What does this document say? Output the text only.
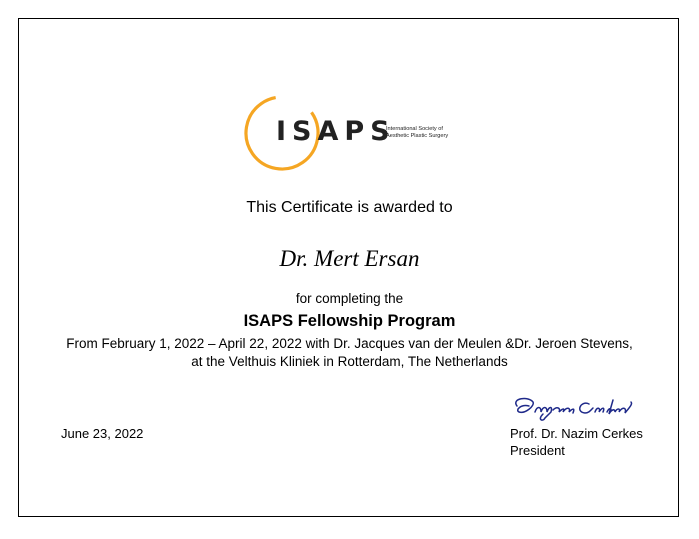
ISAPS
International Society of
Aesthetic Plastic Surgery
This Certificate is awarded to
Dr. Mert Ersan
for completing the
ISAPS Fellowship Program
From February 1, 2022 – April 22, 2022 with Dr. Jacques van der Meulen &Dr. Jeroen Stevens,
at the Velthuis Kliniek in Rotterdam, The Netherlands
June 23, 2022	Prof. Dr. Nazim Cerkes
President
